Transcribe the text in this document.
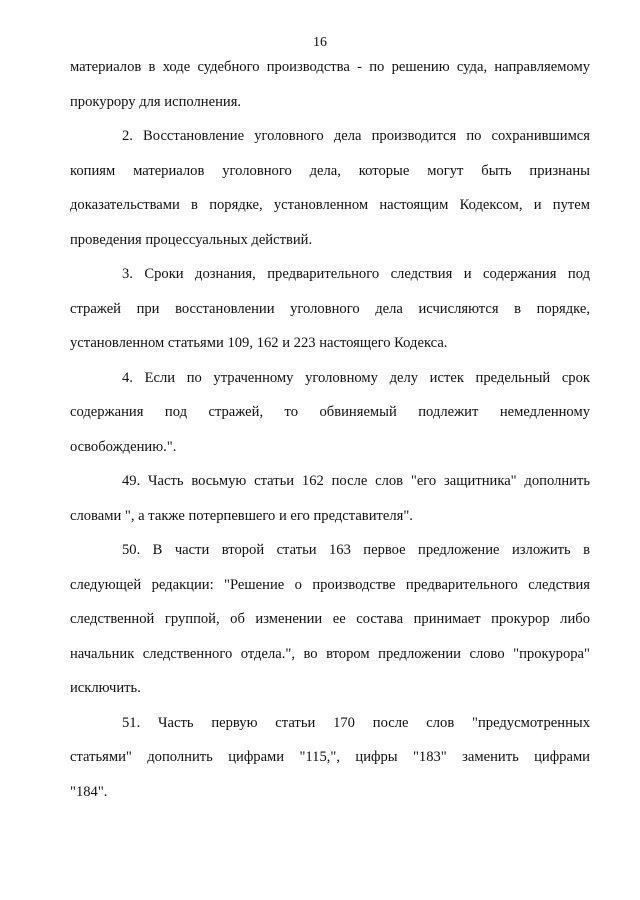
16
материалов в ходе судебного производства - по решению суда, направляемому
прокурору для исполнения.
2. Восстановление уголовного дела производится по сохранившимся
копиям материалов уголовного дела, которые могут быть признаны
доказательствами в порядке, установленном настоящим Кодексом, и путем
проведения процессуальных действий.
3. Сроки дознания, предварительного следствия и содержания под
стражей при восстановлении уголовного дела исчисляются в порядке,
установленном статьями 109, 162 и 223 настоящего Кодекса.
4. Если по утраченному уголовному делу истек предельный срок
содержания под стражей, то обвиняемый подлежит немедленному
освобождению.".
49. Часть восьмую статьи 162 после слов "его защитника" дополнить
словами ", а также потерпевшего и его представителя".
50. В части второй статьи 163 первое предложение изложить в
следующей редакции: "Решение о производстве предварительного следствия
следственной группой, об изменении ее состава принимает прокурор либо
начальник следственного отдела.", во втором предложении слово "прокурора"
исключить.
51. Часть первую статьи 170 после слов "предусмотренных
статьями" дополнить цифрами "115,", цифры "183" заменить цифрами
"184".
